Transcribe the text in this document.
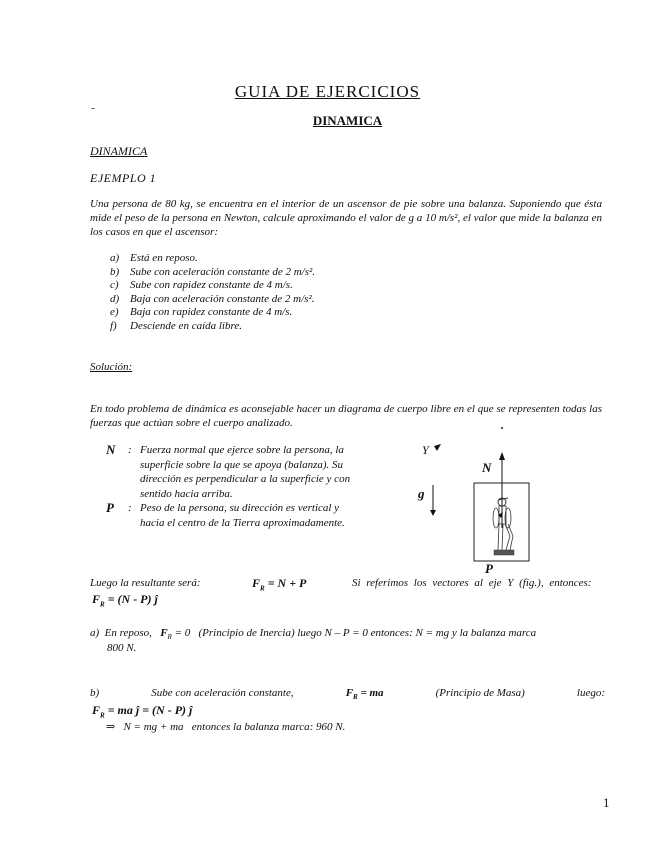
GUIA DE EJERCICIOS
DINAMICA
DINAMICA
EJEMPLO 1
Una persona de 80 kg, se encuentra en el interior de un ascensor de pie sobre una balanza. Suponiendo que ésta mide el peso de la persona en Newton, calcule aproximando el valor de g a 10 m/s², el valor que mide la balanza en los casos en que el ascensor:
a) Está en reposo.
b) Sube con aceleración constante de 2 m/s².
c)	Sube con rapidez constante de 4 m/s.
d) Baja con aceleración constante de 2 m/s².
e)	Baja con rapidez constante de 4 m/s.
f)	Desciende en caída libre.
Solución:
En todo problema de dinámica es aconsejable hacer un diagrama de cuerpo libre en el que se representen todas las fuerzas que actúan sobre el cuerpo analizado.
N	: Fuerza normal que ejerce sobre la persona, la superficie sobre la que se apoya (balanza). Su dirección es perpendicular a la superficie y con sentido hacia arriba.
P	: Peso de la persona, su dirección es vertical y hacia el centro de la Tierra aproximadamente.
Y
g
N
P
Luego la resultante será:	$F_R = N + P$	Si referimos los vectores al eje Y (fig.), entonces:
$F_R = (N - P)$ ĵ
a) En reposo, $F_R = 0$ (Principio de Inercia) luego N – P = 0 entonces: N = mg y la balanza marca
800 N.
b)	Sube con aceleración constante,	$F_R$ = ma	(Principio de Masa)	luego:
$F_R$ = ma ĵ = (N - P) ĵ
⇒ N = mg + ma entonces la balanza marca: 960 N.
1
